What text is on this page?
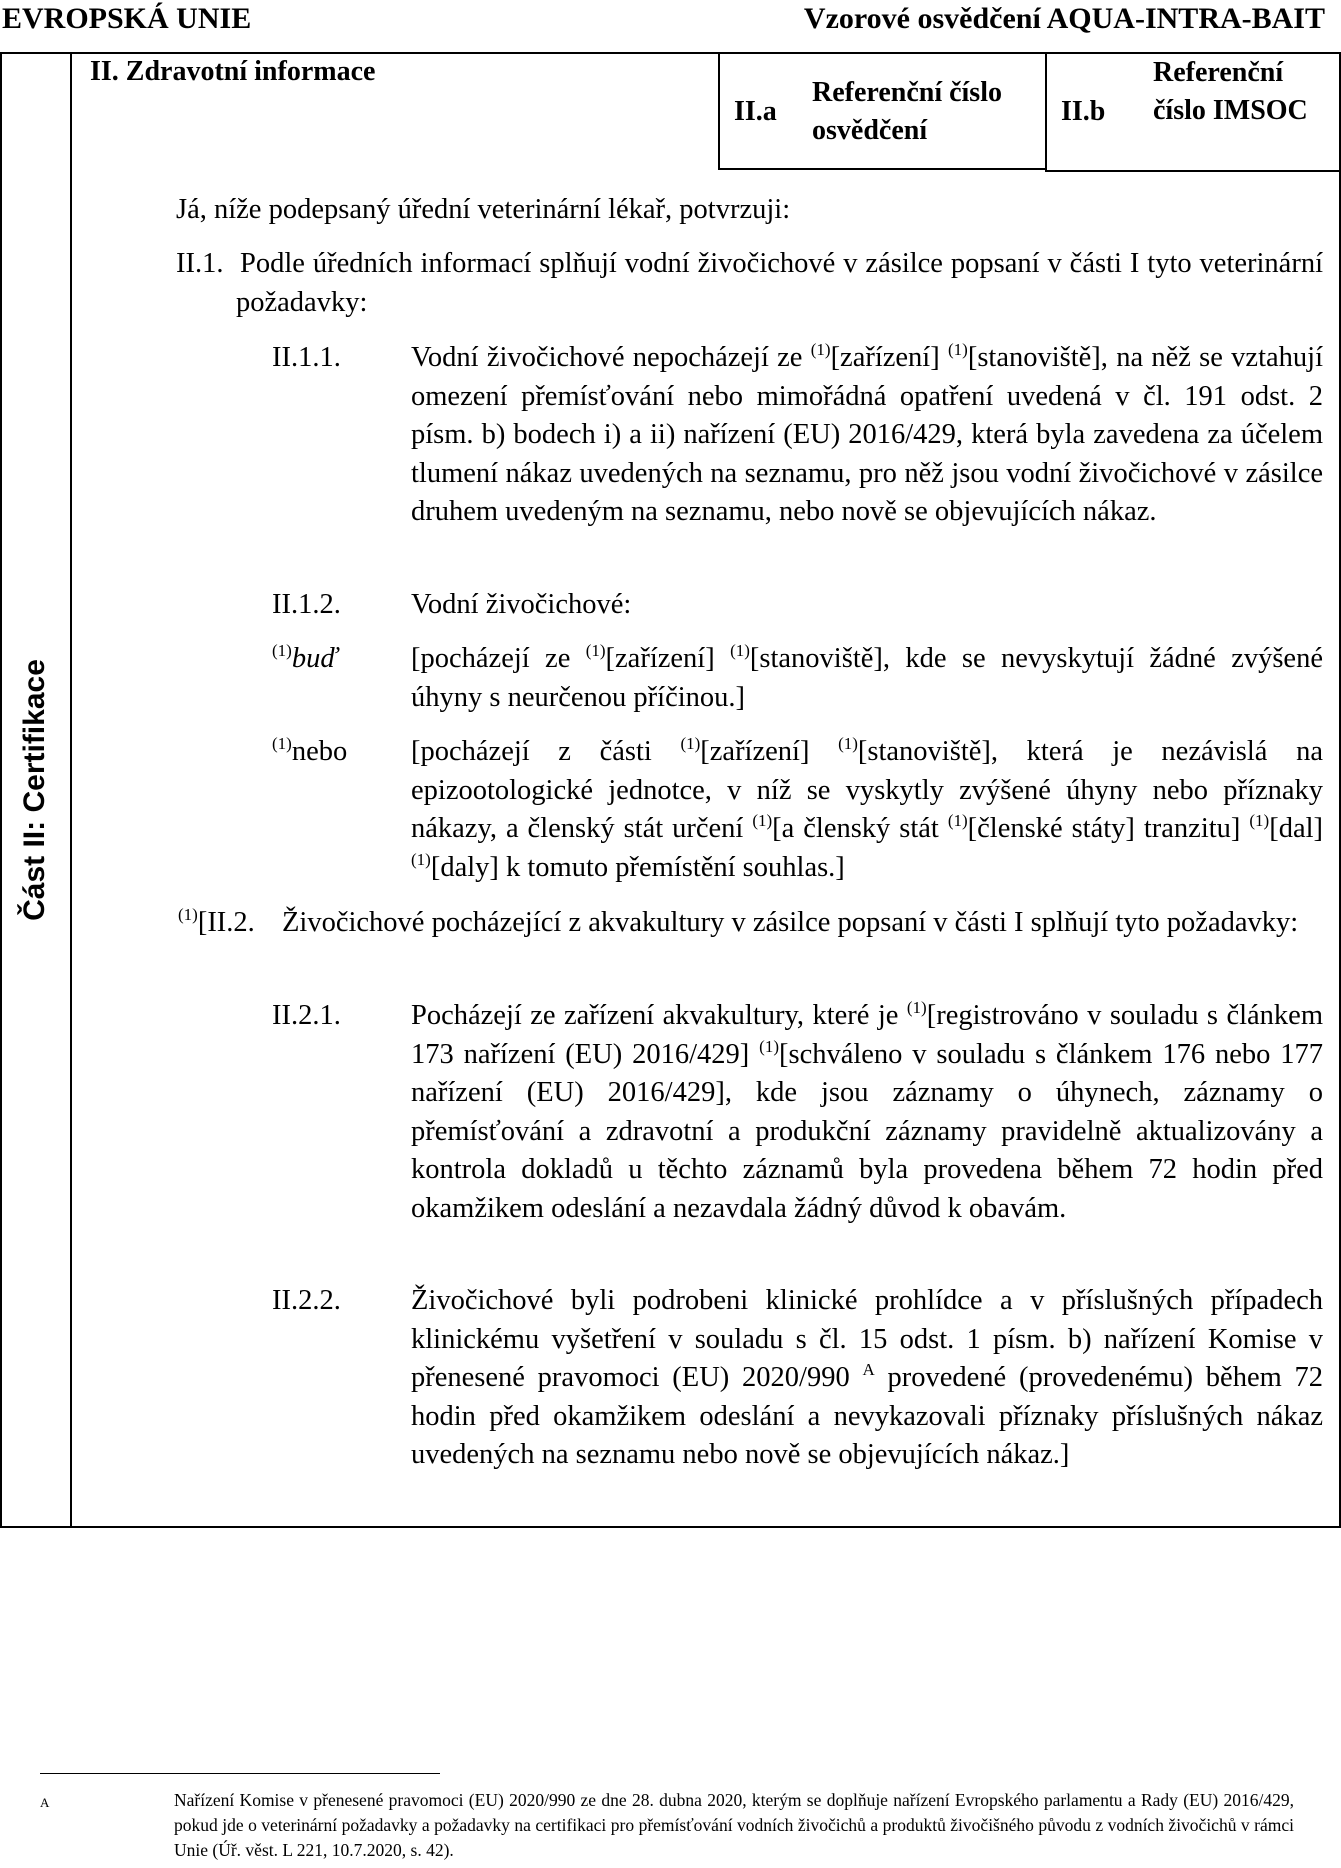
EVROPSKÁ UNIE	Vzorové osvědčení AQUA-INTRA-BAIT
Část II: Certifikace
II. Zdravotní informace
II.a
Referenční číslo osvědčení
II.b
Referenční číslo IMSOC
Já, níže podepsaný úřední veterinární lékař, potvrzuji:
II.1. Podle úředních informací splňují vodní živočichové v zásilce popsaní v části I tyto veterinární požadavky:
II.1.1. Vodní živočichové nepocházejí ze $^{(1)}$[zařízení] $^{(1)}$[stanoviště], na něž se vztahují omezení přemísťování nebo mimořádná opatření uvedená v čl. 191 odst. 2 písm. b) bodech i) a ii) nařízení (EU) 2016/429, která byla zavedena za účelem tlumení nákaz uvedených na seznamu, pro něž jsou vodní živočichové v zásilce druhem uvedeným na seznamu, nebo nově se objevujících nákaz.
II.1.2. Vodní živočichové:
$^{(1)}$buď	[pocházejí ze $^{(1)}$[zařízení] $^{(1)}$[stanoviště], kde se nevyskytují žádné zvýšené úhyny s neurčenou příčinou.]
$^{(1)}$nebo [pocházejí z části $^{(1)}$[zařízení] $^{(1)}$[stanoviště], která je nezávislá na epizootologické jednotce, v níž se vyskytly zvýšené úhyny nebo příznaky nákazy, a členský stát určení $^{(1)}$[a členský stát $^{(1)}$[členské státy] tranzitu] $^{(1)}$[dal] $^{(1)}$[daly] k tomuto přemístění souhlas.]
$^{(1)}$[II.2. Živočichové pocházející z akvakultury v zásilce popsaní v části I splňují tyto požadavky:
II.2.1. Pocházejí ze zařízení akvakultury, které je $^{(1)}$[registrováno v souladu s článkem 173 nařízení (EU) 2016/429] $^{(1)}$[schváleno v souladu s článkem 176 nebo 177 nařízení (EU) 2016/429], kde jsou záznamy o úhynech, záznamy o přemísťování a zdravotní a produkční záznamy pravidelně aktualizovány a kontrola dokladů u těchto záznamů byla provedena během 72 hodin před okamžikem odeslání a nezavdala žádný důvod k obavám.
II.2.2. Živočichové byli podrobeni klinické prohlídce a v příslušných případech klinickému vyšetření v souladu s čl. 15 odst. 1 písm. b) nařízení Komise v přenesené pravomoci (EU) 2020/990 $^A$ provedené (provedenému) během 72 hodin před okamžikem odeslání a nevykazovali příznaky příslušných nákaz uvedených na seznamu nebo nově se objevujících nákaz.]
A	Nařízení Komise v přenesené pravomoci (EU) 2020/990 ze dne 28. dubna 2020, kterým se doplňuje nařízení Evropského parlamentu a Rady (EU) 2016/429, pokud jde o veterinární požadavky a požadavky na certifikaci pro přemísťování vodních živočichů a produktů živočišného původu z vodních živočichů v rámci Unie (Úř. věst. L 221, 10.7.2020, s. 42).
